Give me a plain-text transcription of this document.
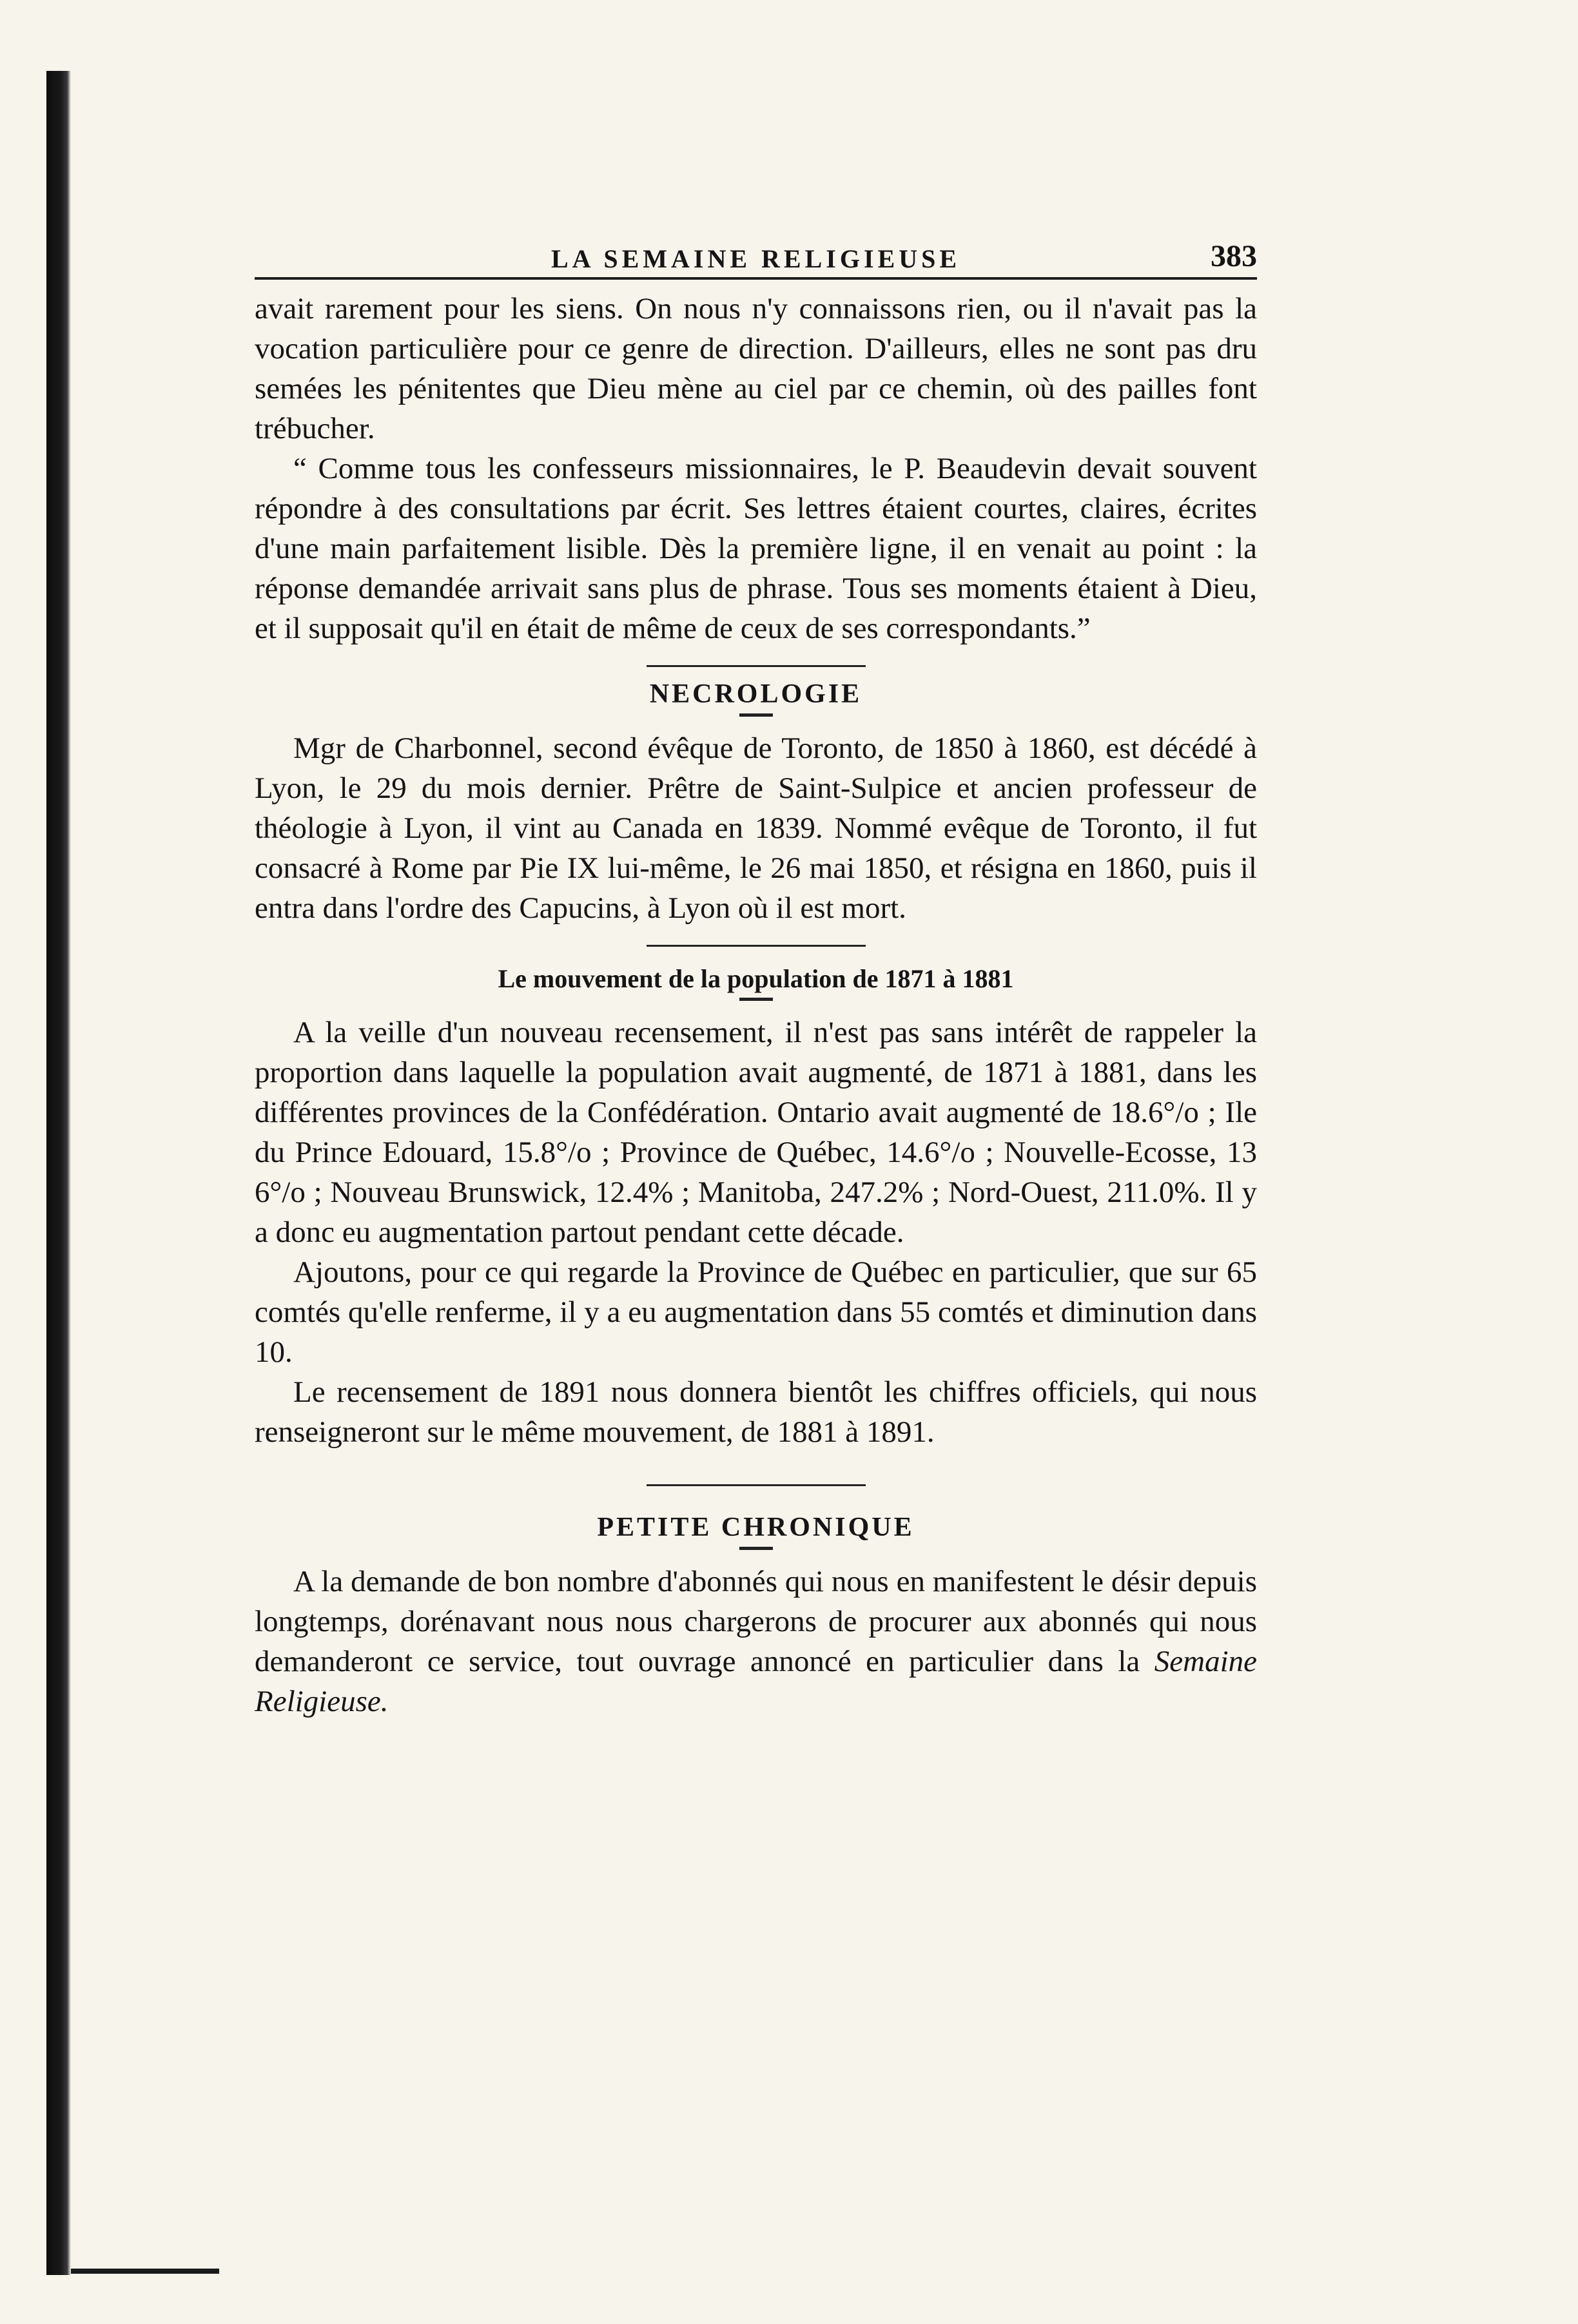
LA SEMAINE RELIGIEUSE	383

avait rarement pour les siens. On nous n'y connaissons rien, ou il n'avait pas la vocation particulière pour ce genre de direction. D'ailleurs, elles ne sont pas dru semées les pénitentes que Dieu mène au ciel par ce chemin, où des pailles font trébucher.

“ Comme tous les confesseurs missionnaires, le P. Beaudevin devait souvent répondre à des consultations par écrit. Ses lettres étaient courtes, claires, écrites d'une main parfaitement lisible. Dès la première ligne, il en venait au point : la réponse demandée arrivait sans plus de phrase. Tous ses moments étaient à Dieu, et il supposait qu'il en était de même de ceux de ses correspondants.”

NECROLOGIE

Mgr de Charbonnel, second évêque de Toronto, de 1850 à 1860, est décédé à Lyon, le 29 du mois dernier. Prêtre de Saint-Sulpice et ancien professeur de théologie à Lyon, il vint au Canada en 1839. Nommé evêque de Toronto, il fut consacré à Rome par Pie IX lui-même, le 26 mai 1850, et résigna en 1860, puis il entra dans l'ordre des Capucins, à Lyon où il est mort.

Le mouvement de la population de 1871 à 1881

A la veille d'un nouveau recensement, il n'est pas sans intérêt de rappeler la proportion dans laquelle la population avait augmenté, de 1871 à 1881, dans les différentes provinces de la Confédération. Ontario avait augmenté de 18.6°/o ; Ile du Prince Edouard, 15.8°/o ; Province de Québec, 14.6°/o ; Nouvelle-Ecosse, 13 6°/o ; Nouveau Brunswick, 12.4% ; Manitoba, 247.2% ; Nord-Ouest, 211.0%. Il y a donc eu augmentation partout pendant cette décade.

Ajoutons, pour ce qui regarde la Province de Québec en particulier, que sur 65 comtés qu'elle renferme, il y a eu augmentation dans 55 comtés et diminution dans 10.

Le recensement de 1891 nous donnera bientôt les chiffres officiels, qui nous renseigneront sur le même mouvement, de 1881 à 1891.

PETITE CHRONIQUE

A la demande de bon nombre d'abonnés qui nous en manifestent le désir depuis longtemps, dorénavant nous nous chargerons de procurer aux abonnés qui nous demanderont ce service, tout ouvrage annoncé en particulier dans la Semaine Religieuse.
